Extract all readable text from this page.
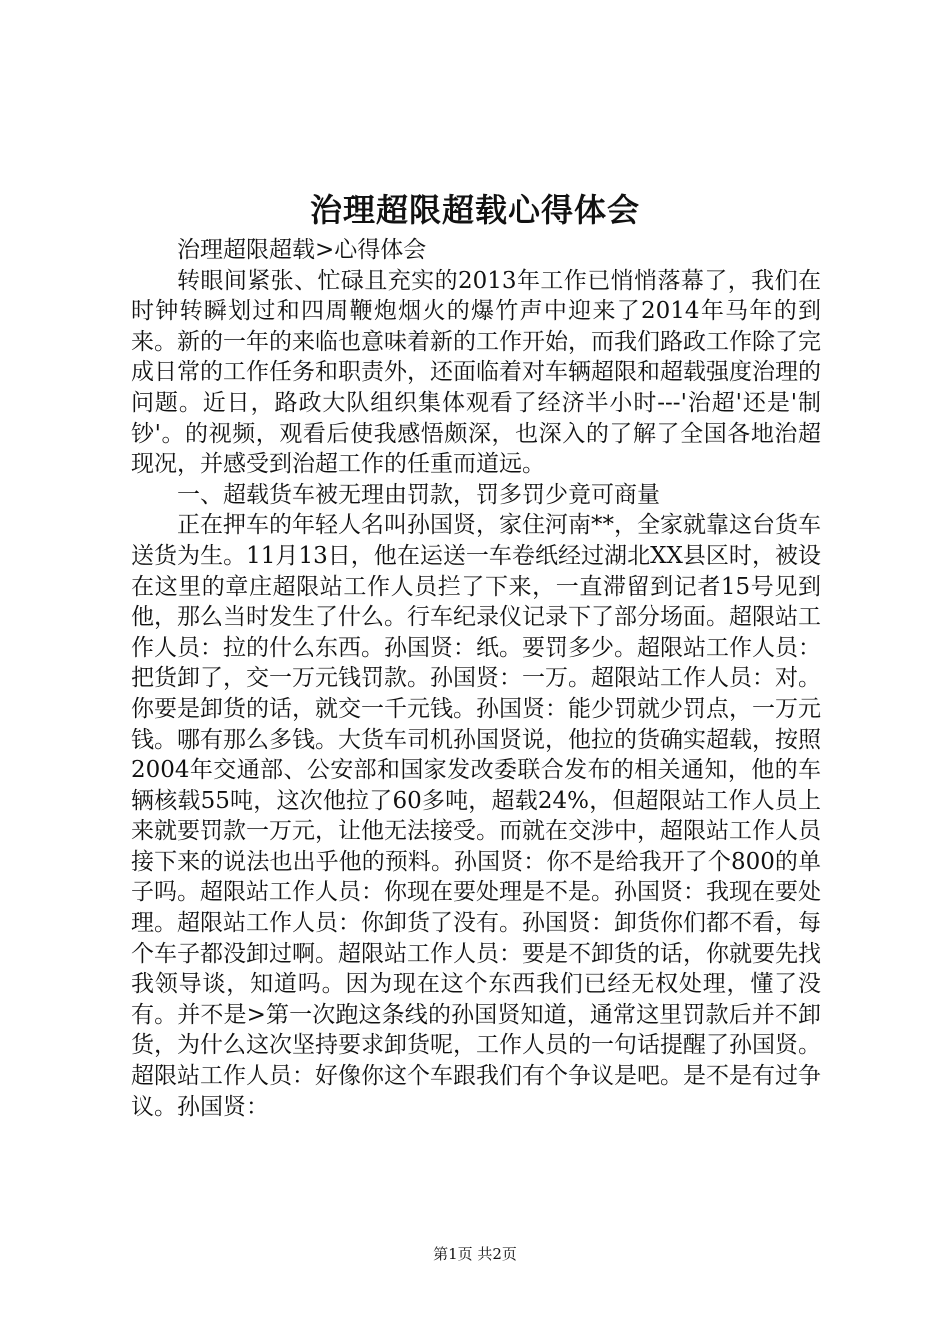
治理超限超载心得体会

治理超限超载>心得体会

转眼间紧张、忙碌且充实的2013年工作已悄悄落幕了，我们在时钟转瞬划过和四周鞭炮烟火的爆竹声中迎来了2014年马年的到来。新的一年的来临也意味着新的工作开始，而我们路政工作除了完成日常的工作任务和职责外，还面临着对车辆超限和超载强度治理的问题。近日，路政大队组织集体观看了经济半小时---'治超'还是'制钞'。的视频，观看后使我感悟颇深，也深入的了解了全国各地治超现况，并感受到治超工作的任重而道远。

一、超载货车被无理由罚款，罚多罚少竟可商量

正在押车的年轻人名叫孙国贤，家住河南**，全家就靠这台货车送货为生。11月13日，他在运送一车卷纸经过湖北XX县区时，被设在这里的章庄超限站工作人员拦了下来，一直滞留到记者15号见到他，那么当时发生了什么。行车纪录仪记录下了部分场面。超限站工作人员：拉的什么东西。孙国贤：纸。要罚多少。超限站工作人员：把货卸了，交一万元钱罚款。孙国贤：一万。超限站工作人员：对。你要是卸货的话，就交一千元钱。孙国贤：能少罚就少罚点，一万元钱。哪有那么多钱。大货车司机孙国贤说，他拉的货确实超载，按照2004年交通部、公安部和国家发改委联合发布的相关通知，他的车辆核载55吨，这次他拉了60多吨，超载24%，但超限站工作人员上来就要罚款一万元，让他无法接受。而就在交涉中，超限站工作人员接下来的说法也出乎他的预料。孙国贤：你不是给我开了个800的单子吗。超限站工作人员：你现在要处理是不是。孙国贤：我现在要处理。超限站工作人员：你卸货了没有。孙国贤：卸货你们都不看，每个车子都没卸过啊。超限站工作人员：要是不卸货的话，你就要先找我领导谈，知道吗。因为现在这个东西我们已经无权处理，懂了没有。并不是>第一次跑这条线的孙国贤知道，通常这里罚款后并不卸货，为什么这次坚持要求卸货呢，工作人员的一句话提醒了孙国贤。超限站工作人员：好像你这个车跟我们有个争议是吧。是不是有过争议。孙国贤：

第1页 共2页
